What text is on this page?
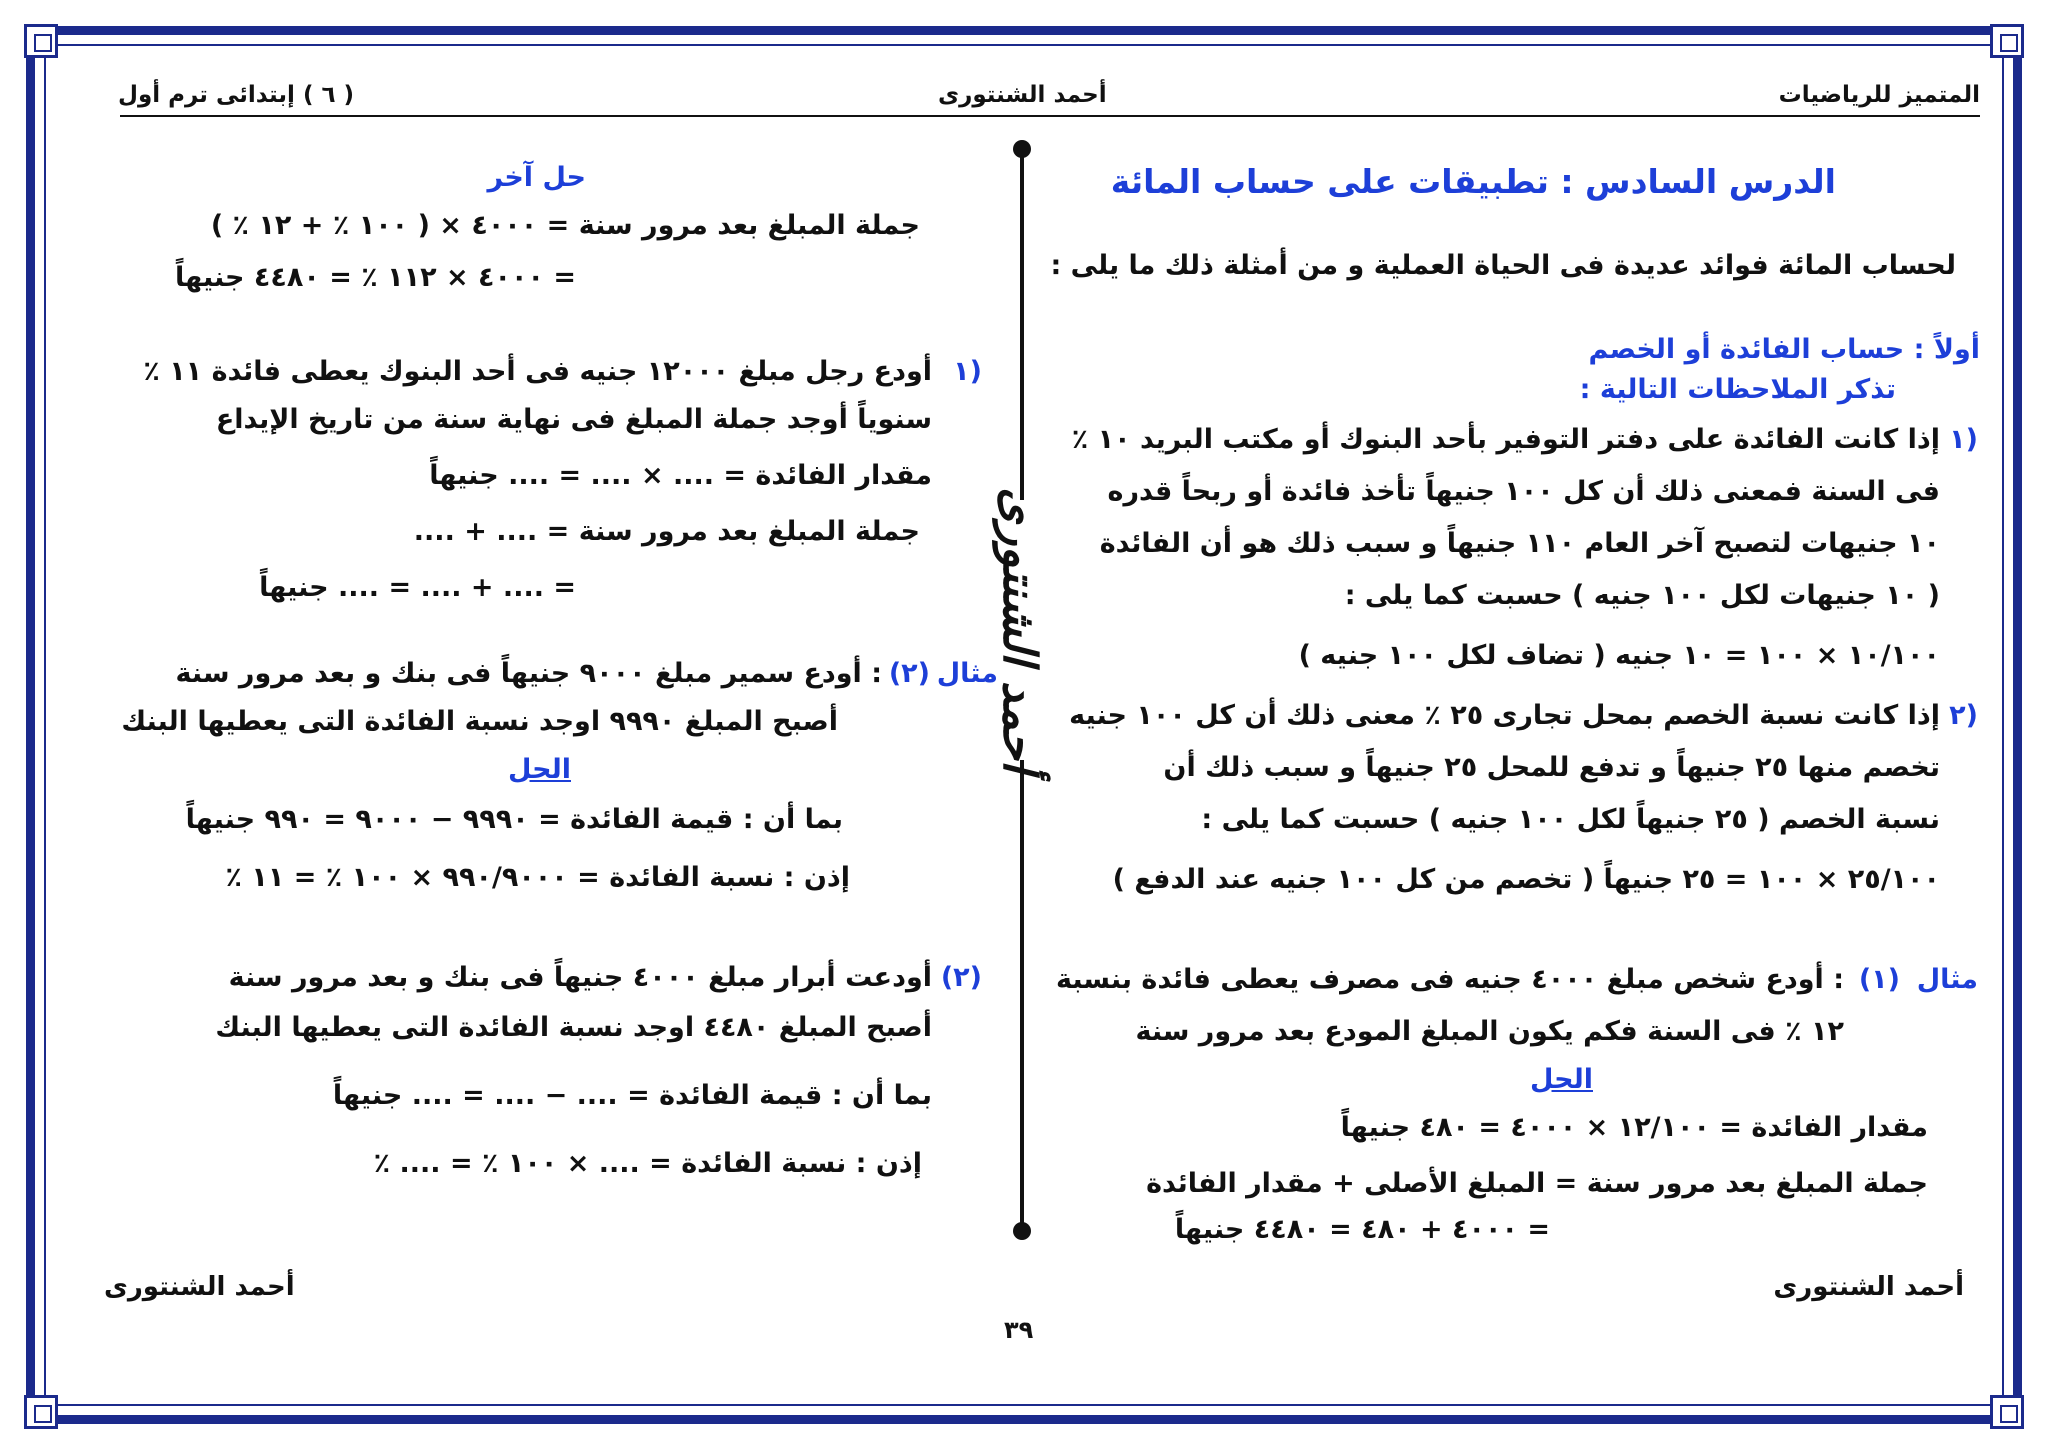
المتميز للرياضيات
أحمد الشنتورى
( ٦ ) إبتدائى ترم أول
أحمد الشنتورى
الدرس السادس : تطبيقات على حساب المائة
لحساب المائة فوائد عديدة فى الحياة العملية و من أمثلة ذلك ما يلى :
أولاً : حساب الفائدة أو الخصم
تذكر الملاحظات التالية :
١)
إذا كانت الفائدة على دفتر التوفير بأحد البنوك أو مكتب البريد ١٠ ٪
فى السنة فمعنى ذلك أن كل ١٠٠ جنيهاً تأخذ فائدة أو ربحاً قدره
١٠ جنيهات لتصبح آخر العام ١١٠ جنيهاً و سبب ذلك هو أن الفائدة
( ١٠ جنيهات لكل ١٠٠ جنيه ) حسبت كما يلى :
١٠/١٠٠ × ١٠٠ = ١٠ جنيه ( تضاف لكل ١٠٠ جنيه )
٢)
إذا كانت نسبة الخصم بمحل تجارى ٢٥ ٪ معنى ذلك أن كل ١٠٠ جنيه
تخصم منها ٢٥ جنيهاً و تدفع للمحل ٢٥ جنيهاً و سبب ذلك أن
نسبة الخصم ( ٢٥ جنيهاً لكل ١٠٠ جنيه ) حسبت كما يلى :
٢٥/١٠٠ × ١٠٠ = ٢٥ جنيهاً ( تخصم من كل ١٠٠ جنيه عند الدفع )
مثال
(١)
: أودع شخص مبلغ ٤٠٠٠ جنيه فى مصرف يعطى فائدة بنسبة
١٢ ٪ فى السنة فكم يكون المبلغ المودع بعد مرور سنة
الحل
مقدار الفائدة = ١٢/١٠٠ × ٤٠٠٠ = ٤٨٠ جنيهاً
جملة المبلغ بعد مرور سنة = المبلغ الأصلى + مقدار الفائدة
= ٤٠٠٠ + ٤٨٠ = ٤٤٨٠ جنيهاً
حل آخر
جملة المبلغ بعد مرور سنة = ٤٠٠٠ × ( ١٠٠ ٪ + ١٢ ٪ )
= ٤٠٠٠ × ١١٢ ٪ = ٤٤٨٠ جنيهاً
١)
أودع رجل مبلغ ١٢٠٠٠ جنيه فى أحد البنوك يعطى فائدة ١١ ٪
سنوياً أوجد جملة المبلغ فى نهاية سنة من تاريخ الإيداع
مقدار الفائدة = .... × .... = .... جنيهاً
جملة المبلغ بعد مرور سنة = .... + ....
= .... + .... = .... جنيهاً
مثال
(٢)
: أودع سمير مبلغ ٩٠٠٠ جنيهاً فى بنك و بعد مرور سنة
أصبح المبلغ ٩٩٩٠ اوجد نسبة الفائدة التى يعطيها البنك
الحل
بما أن : قيمة الفائدة = ٩٩٩٠ − ٩٠٠٠ = ٩٩٠ جنيهاً
إذن : نسبة الفائدة = ٩٩٠/٩٠٠٠ × ١٠٠ ٪ = ١١ ٪
(٢)
أودعت أبرار مبلغ ٤٠٠٠ جنيهاً فى بنك و بعد مرور سنة
أصبح المبلغ ٤٤٨٠ اوجد نسبة الفائدة التى يعطيها البنك
بما أن : قيمة الفائدة = .... − .... = .... جنيهاً
إذن : نسبة الفائدة = .... × ١٠٠ ٪ = .... ٪
أحمد الشنتورى
أحمد الشنتورى
٣٩
